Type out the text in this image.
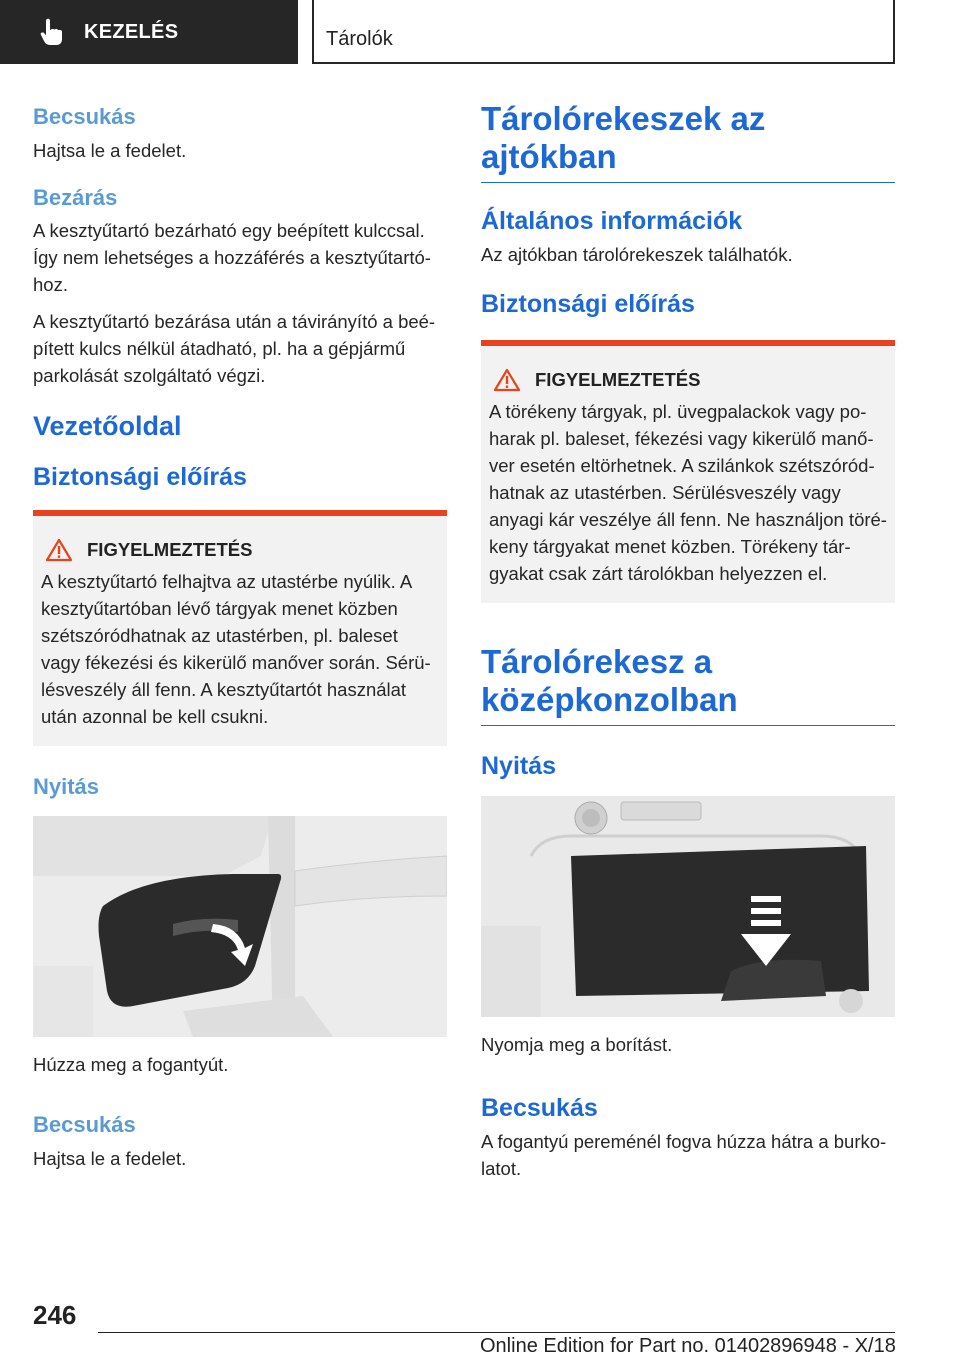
KEZELÉS	Tárolók
Becsukás
Hajtsa le a fedelet.
Bezárás
A kesztyűtartó bezárható egy beépített kulccsal. Így nem lehetséges a hozzáférés a kesztyűtartó-hoz.
A kesztyűtartó bezárása után a távirányító a beé-pített kulcs nélkül átadható, pl. ha a gépjármű parkolását szolgáltató végzi.
Vezetőoldal
Biztonsági előírás
FIGYELMEZTETÉS
A kesztyűtartó felhajtva az utastérbe nyúlik. A kesztyűtartóban lévő tárgyak menet közben szétszóródhatnak az utastérben, pl. baleset vagy fékezési és kikerülő manőver során. Sérü-lésveszély áll fenn. A kesztyűtartót használat után azonnal be kell csukni.
Nyitás
Húzza meg a fogantyút.
Becsukás
Hajtsa le a fedelet.
Tárolórekeszek az ajtókban
Általános információk
Az ajtókban tárolórekeszek találhatók.
Biztonsági előírás
FIGYELMEZTETÉS
A törékeny tárgyak, pl. üvegpalackok vagy po-harak pl. baleset, fékezési vagy kikerülő manő-ver esetén eltörhetnek. A szilánkok szétszóród-hatnak az utastérben. Sérülésveszély vagy anyagi kár veszélye áll fenn. Ne használjon töré-keny tárgyakat menet közben. Törékeny tár-gyakat csak zárt tárolókban helyezzen el.
Tárolórekesz a középkonzolban
Nyitás
Nyomja meg a borítást.
Becsukás
A fogantyú pereménél fogva húzza hátra a burko-latot.
246
Online Edition for Part no. 01402896948 - X/18
